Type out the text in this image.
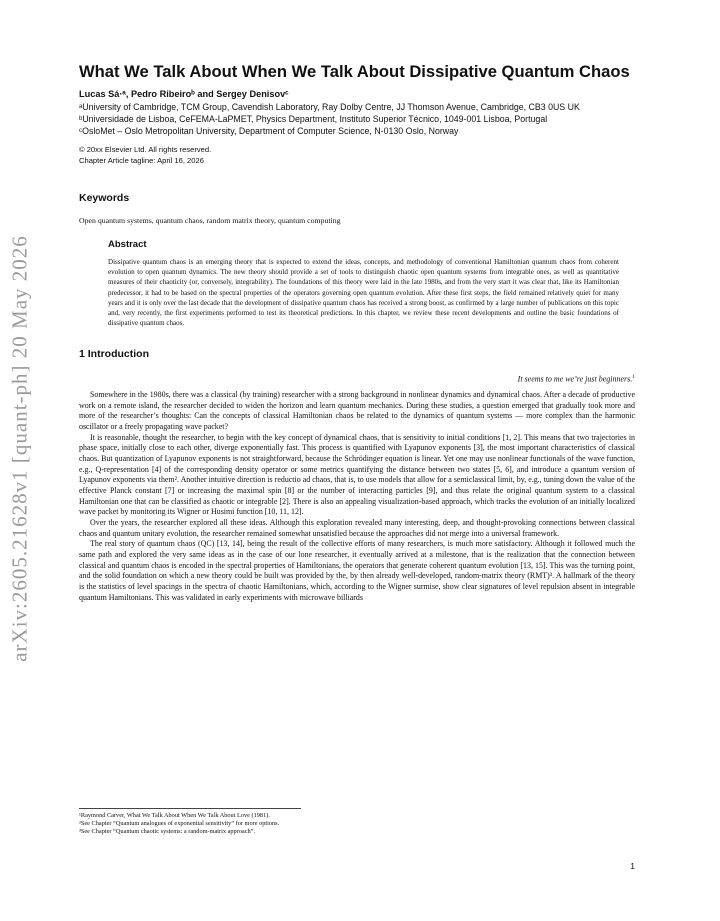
arXiv:2605.21628v1 [quant-ph] 20 May 2026
What We Talk About When We Talk About Dissipative Quantum Chaos

Lucas Sá·ᵃ, Pedro Ribeiroᵇ and Sergey Denisovᶜ

ᵃUniversity of Cambridge, TCM Group, Cavendish Laboratory, Ray Dolby Centre, JJ Thomson Avenue, Cambridge, CB3 0US UK

ᵇUniversidade de Lisboa, CeFEMA-LaPMET, Physics Department, Instituto Superior Técnico, 1049-001 Lisboa, Portugal

ᶜOsloMet – Oslo Metropolitan University, Department of Computer Science, N-0130 Oslo, Norway

© 20xx Elsevier Ltd. All rights reserved.

Chapter Article tagline: April 16, 2026

Keywords

Open quantum systems, quantum chaos, random matrix theory, quantum computing

Abstract

Dissipative quantum chaos is an emerging theory that is expected to extend the ideas, concepts, and methodology of conventional Hamiltonian quantum chaos from coherent evolution to open quantum dynamics. The new theory should provide a set of tools to distinguish chaotic open quantum systems from integrable ones, as well as quantitative measures of their chaoticity (or, conversely, integrability). The foundations of this theory were laid in the late 1980s, and from the very start it was clear that, like its Hamiltonian predecessor, it had to be based on the spectral properties of the operators governing open quantum evolution. After these first steps, the field remained relatively quiet for many years and it is only over the last decade that the development of dissipative quantum chaos has received a strong boost, as confirmed by a large number of publications on this topic and, very recently, the first experiments performed to test its theoretical predictions. In this chapter, we review these recent developments and outline the basic foundations of dissipative quantum chaos.

1 Introduction

It seems to me we’re just beginners.$^1$

Somewhere in the 1980s, there was a classical (by training) researcher with a strong background in nonlinear dynamics and dynamical chaos. After a decade of productive work on a remote island, the researcher decided to widen the horizon and learn quantum mechanics. During these studies, a question emerged that gradually took more and more of the researcher’s thoughts: Can the concepts of classical Hamiltonian chaos be related to the dynamics of quantum systems — more complex than the harmonic oscillator or a freely propagating wave packet?

It is reasonable, thought the researcher, to begin with the key concept of dynamical chaos, that is sensitivity to initial conditions [1, 2]. This means that two trajectories in phase space, initially close to each other, diverge exponentially fast. This process is quantified with Lyapunov exponents [3], the most important characteristics of classical chaos. But quantization of Lyapunov exponents is not straightforward, because the Schrödinger equation is linear. Yet one may use nonlinear functionals of the wave function, e.g., Q-representation [4] of the corresponding density operator or some metrics quantifying the distance between two states [5, 6], and introduce a quantum version of Lyapunov exponents via them². Another intuitive direction is reductio ad chaos, that is, to use models that allow for a semiclassical limit, by, e.g., tuning down the value of the effective Planck constant [7] or increasing the maximal spin [8] or the number of interacting particles [9], and thus relate the original quantum system to a classical Hamiltonian one that can be classified as chaotic or integrable [2]. There is also an appealing visualization-based approach, which tracks the evolution of an initially localized wave packet by monitoring its Wigner or Husimi function [10, 11, 12].

Over the years, the researcher explored all these ideas. Although this exploration revealed many interesting, deep, and thought-provoking connections between classical chaos and quantum unitary evolution, the researcher remained somewhat unsatisfied because the approaches did not merge into a universal framework.

The real story of quantum chaos (QC) [13, 14], being the result of the collective efforts of many researchers, is much more satisfactory. Although it followed much the same path and explored the very same ideas as in the case of our lone researcher, it eventually arrived at a milestone, that is the realization that the connection between classical and quantum chaos is encoded in the spectral properties of Hamiltonians, the operators that generate coherent quantum evolution [13, 15]. This was the turning point, and the solid foundation on which a new theory could be built was provided by the, by then already well-developed, random-matrix theory (RMT)³. A hallmark of the theory is the statistics of level spacings in the spectra of chaotic Hamiltonians, which, according to the Wigner surmise, show clear signatures of level repulsion absent in integrable quantum Hamiltonians. This was validated in early experiments with microwave billiards

¹Raymond Carver, What We Talk About When We Talk About Love (1981).

²See Chapter “Quantum analogues of exponential sensitivity” for more options.

³See Chapter “Quantum chaotic systems: a random-matrix approach”.

1
